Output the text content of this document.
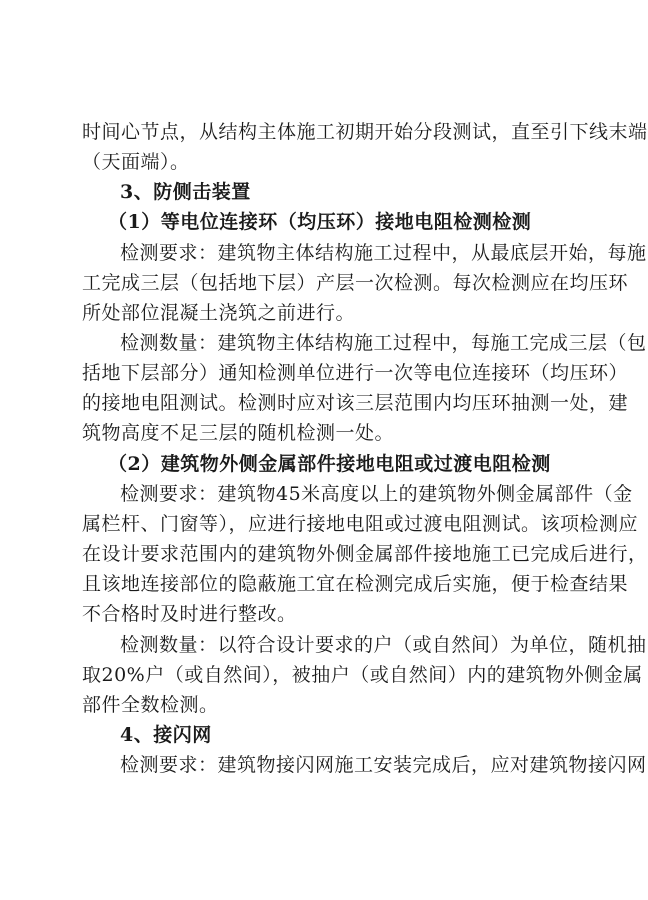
时间心节点，从结构主体施工初期开始分段测试，直至引下线末端
（天面端）。
3、防侧击装置
（1）等电位连接环（均压环）接地电阻检测检测
检测要求：建筑物主体结构施工过程中，从最底层开始，每施
工完成三层（包括地下层）产层一次检测。每次检测应在均压环
所处部位混凝土浇筑之前进行。
检测数量：建筑物主体结构施工过程中，每施工完成三层（包
括地下层部分）通知检测单位进行一次等电位连接环（均压环）
的接地电阻测试。检测时应对该三层范围内均压环抽测一处，建
筑物高度不足三层的随机检测一处。
（2）建筑物外侧金属部件接地电阻或过渡电阻检测
检测要求：建筑物45米高度以上的建筑物外侧金属部件（金
属栏杆、门窗等），应进行接地电阻或过渡电阻测试。该项检测应
在设计要求范围内的建筑物外侧金属部件接地施工已完成后进行，
且该地连接部位的隐蔽施工宜在检测完成后实施，便于检查结果
不合格时及时进行整改。
检测数量：以符合设计要求的户（或自然间）为单位，随机抽
取20%户（或自然间），被抽户（或自然间）内的建筑物外侧金属
部件全数检测。
4、接闪网
检测要求：建筑物接闪网施工安装完成后，应对建筑物接闪网
